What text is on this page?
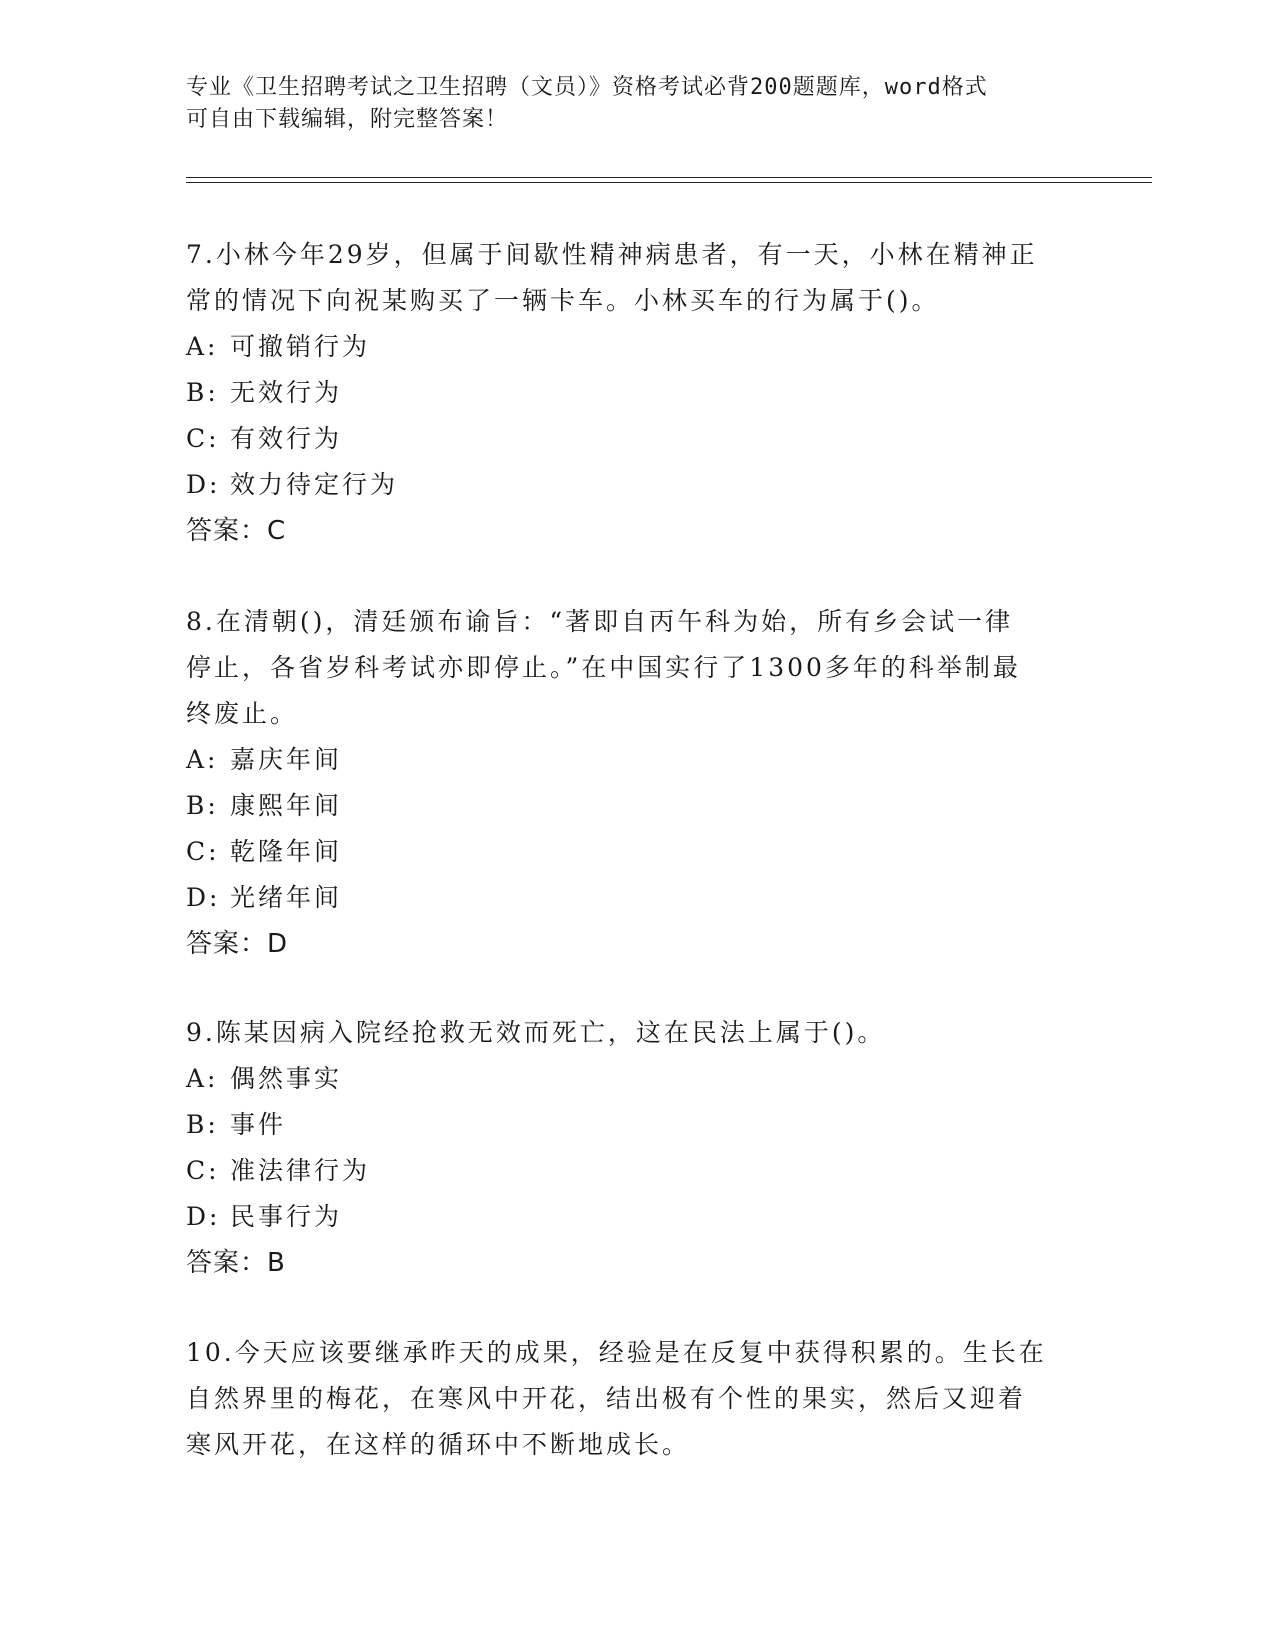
专业《卫生招聘考试之卫生招聘（文员）》资格考试必背200题题库，word格式
可自由下载编辑，附完整答案！
7.小林今年29岁，但属于间歇性精神病患者，有一天，小林在精神正
常的情况下向祝某购买了一辆卡车。小林买车的行为属于()。
A: 可撤销行为
B: 无效行为
C: 有效行为
D: 效力待定行为
答案：C
8.在清朝()，清廷颁布谕旨：“著即自丙午科为始，所有乡会试一律
停止，各省岁科考试亦即停止。”在中国实行了1300多年的科举制最
终废止。
A: 嘉庆年间
B: 康熙年间
C: 乾隆年间
D: 光绪年间
答案：D
9.陈某因病入院经抢救无效而死亡，这在民法上属于()。
A: 偶然事实
B: 事件
C: 准法律行为
D: 民事行为
答案：B
10.今天应该要继承昨天的成果，经验是在反复中获得积累的。生长在
自然界里的梅花，在寒风中开花，结出极有个性的果实，然后又迎着
寒风开花，在这样的循环中不断地成长。
